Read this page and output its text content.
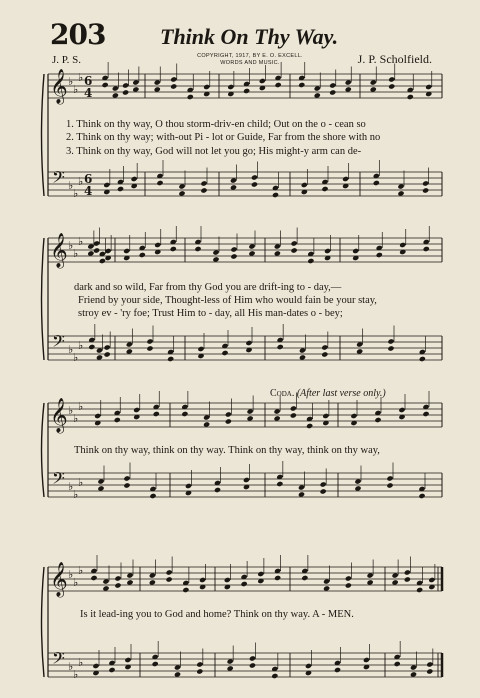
203 Think On Thy Way.
J. P. S.	COPYRIGHT, 1917, BY E. O. EXCELL.
WORDS AND MUSIC.	J. P. Scholfield.
𝄞
𝄢
♭
♭
♭
♭
♭
♭
6
4
6
4
𝄞
𝄢
♭
♭
♭
♭
♭
♭
𝄞
𝄢
♭
♭
♭
♭
♭
♭
𝄞
𝄢
♭
♭
♭
♭
♭
♭
1. Think on thy way, O thou storm-driv-en child; Out on the o - cean so
2. Think on thy way; with-out Pi - lot or Guide, Far from the shore with no
3. Think on thy way, God will not let you go; His might-y arm can de-
dark and so wild, Far from thy God you are drift-ing to - day,—
Friend by your side, Thought-less of Him who would fain be your stay,
stroy ev - 'ry foe; Trust Him to - day, all His man-dates o - bey;
Coda. (After last verse only.)
Think on thy way, think on thy way. Think on thy way, think on thy way,
Is it lead-ing you to God and home? Think on thy way. A - MEN.
